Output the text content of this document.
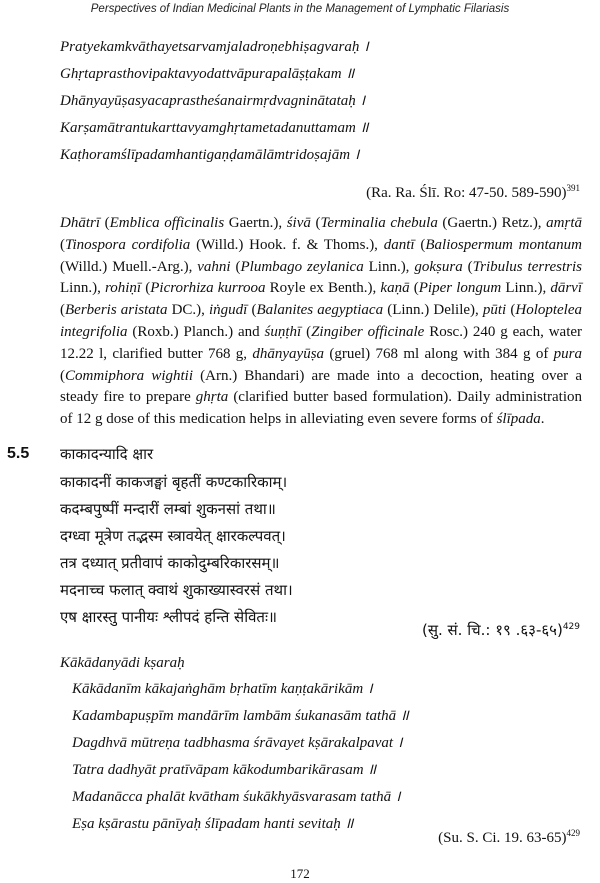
Perspectives of Indian Medicinal Plants in the Management of Lymphatic Filariasis
Pratyekamkvāthayetsarvamjaladroṇebhiṣagvaraḥ ।
Ghṛtaprasthovipaktavyodattvāpurapalāṣṭakam ॥
Dhānyayūṣasyacaprastheśanairmṛdvagninātataḥ ।
Karṣamātrantukarttavyamghṛtametadanuttamam ॥
Kaṭhoramślīpadamhantigaṇḍamālāmtridoṣajām ।
(Ra. Ra. Ślī. Ro: 47-50. 589-590)$^{391}$
Dhātrī (Emblica officinalis Gaertn.), śivā (Terminalia chebula (Gaertn.) Retz.), amṛtā (Tinospora cordifolia (Willd.) Hook. f. & Thoms.), dantī (Baliospermum montanum (Willd.) Muell.-Arg.), vahni (Plumbago zeylanica Linn.), gokṣura (Tribulus terrestris Linn.), rohiṇī (Picrorhiza kurrooa Royle ex Benth.), kaṇā (Piper longum Linn.), dārvī (Berberis aristata DC.), iṅgudī (Balanites aegyptiaca (Linn.) Delile), pūti (Holoptelea integrifolia (Roxb.) Planch.) and śuṇṭhī (Zingiber officinale Rosc.) 240 g each, water 12.22 l, clarified butter 768 g, dhānyayūṣa (gruel) 768 ml along with 384 g of pura (Commiphora wightii (Arn.) Bhandari) are made into a decoction, heating over a steady fire to prepare ghṛta (clarified butter based formulation). Daily administration of 12 g dose of this medication helps in alleviating even severe forms of ślīpada.
5.5 काकादन्यादि क्षार
काकादनीं काकजङ्घां बृहतीं कण्टकारिकाम्।
कदम्बपुष्पीं मन्दारीं लम्बां शुकनसां तथा॥
दग्ध्वा मूत्रेण तद्भस्म स्त्रावयेत् क्षारकल्पवत्।
तत्र दध्यात् प्रतीवापं काकोदुम्बरिकारसम्॥
मदनाच्च फलात् क्वाथं शुकाख्यास्वरसं तथा।
एष क्षारस्तु पानीयः श्लीपदं हन्ति सेवितः॥
(सु. सं. चि.: १९ .६३-६५)$^{429}$
Kākādanyādi kṣaraḥ
Kākādanīm kākajaṅghām bṛhatīm kaṇṭakārikām ।
Kadambapuṣpīm mandārīm lambām śukanasām tathā ॥
Dagdhvā mūtreṇa tadbhasma śrāvayet kṣārakalpavat ।
Tatra dadhyāt pratīvāpam kākodumbarikārasam ॥
Madanācca phalāt kvātham śukākhyāsvarasam tathā ।
Eṣa kṣārastu pānīyaḥ ślīpadam hanti sevitaḥ ॥
(Su. S. Ci. 19. 63-65)$^{429}$
172
